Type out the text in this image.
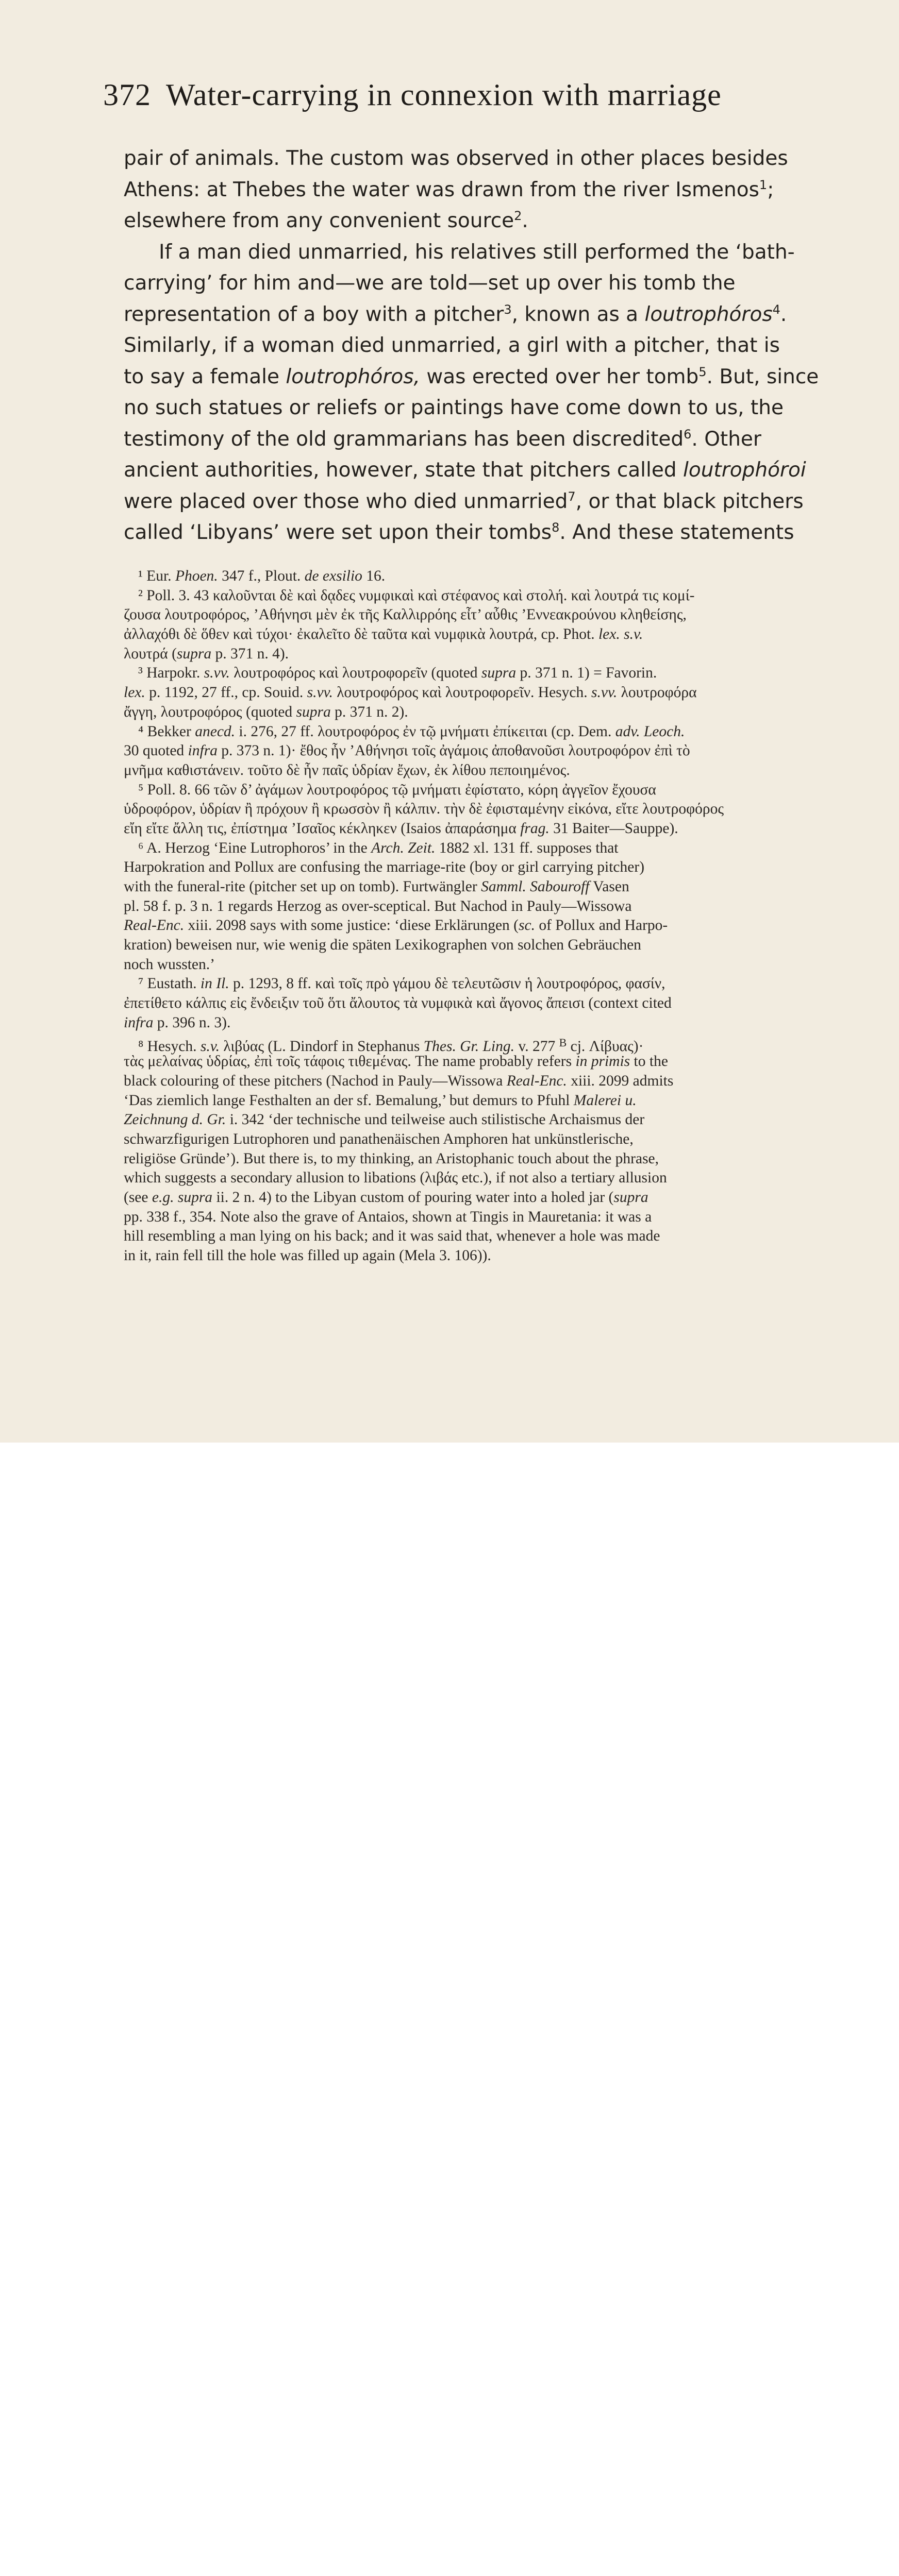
372 Water-carrying in connexion with marriage
pair of animals. The custom was observed in other places besides
Athens: at Thebes the water was drawn from the river Ismenos$^1$;
elsewhere from any convenient source$^2$.
If a man died unmarried, his relatives still performed the ‘bath-
carrying’ for him and—we are told—set up over his tomb the
representation of a boy with a pitcher$^3$, known as a loutrophóros$^4$.
Similarly, if a woman died unmarried, a girl with a pitcher, that is
to say a female loutrophóros, was erected over her tomb$^5$. But, since
no such statues or reliefs or paintings have come down to us, the
testimony of the old grammarians has been discredited$^6$. Other
ancient authorities, however, state that pitchers called loutrophóroi
were placed over those who died unmarried$^7$, or that black pitchers
called ‘Libyans’ were set upon their tombs$^8$. And these statements
¹ Eur. Phoen. 347 f., Plout. de exsilio 16.
² Poll. 3. 43 καλοῦνται δὲ καὶ δᾳδες νυμφικαὶ καὶ στέφανος καὶ στολή. καὶ λουτρά τις κομί-
ζουσα λουτροφόρος, ’Αθήνησι μὲν ἐκ τῆς Καλλιρρόης εἶτ’ αὖθις ’Εννεακρούνου κληθείσης,
ἀλλαχόθι δὲ ὅθεν καὶ τύχοι· ἐκαλεῖτο δὲ ταῦτα καὶ νυμφικὰ λουτρά, cp. Phot. lex. s.v.
λουτρά (supra p. 371 n. 4).
³ Harpokr. s.vv. λουτροφόρος καὶ λουτροφορεῖν (quoted supra p. 371 n. 1) = Favorin.
lex. p. 1192, 27 ff., cp. Souid. s.vv. λουτροφόρος καὶ λουτροφορεῖν. Hesych. s.vv. λουτροφόρα
ἄγγη, λουτροφόρος (quoted supra p. 371 n. 2).
⁴ Bekker anecd. i. 276, 27 ff. λουτροφόρος ἐν τῷ μνήματι ἐπίκειται (cp. Dem. adv. Leoch.
30 quoted infra p. 373 n. 1)· ἔθος ἦν ’Αθήνησι τοῖς ἀγάμοις ἀποθανοῦσι λουτροφόρον ἐπὶ τὸ
μνῆμα καθιστάνειν. τοῦτο δὲ ἦν παῖς ὑδρίαν ἔχων, ἐκ λίθου πεποιημένος.
⁵ Poll. 8. 66 τῶν δ’ ἀγάμων λουτροφόρος τῷ μνήματι ἐφίστατο, κόρη ἀγγεῖον ἔχουσα
ὑδροφόρον, ὑδρίαν ἢ πρόχουν ἢ κρωσσὸν ἢ κάλπιν. τὴν δὲ ἐφισταμένην εἰκόνα, εἴτε λουτροφόρος
εἴη εἴτε ἄλλη τις, ἐπίστημα ’Ισαῖος κέκληκεν (Isaios ἀπαράσημα frag. 31 Baiter—Sauppe).
⁶ A. Herzog ‘Eine Lutrophoros’ in the Arch. Zeit. 1882 xl. 131 ff. supposes that
Harpokration and Pollux are confusing the marriage-rite (boy or girl carrying pitcher)
with the funeral-rite (pitcher set up on tomb). Furtwängler Samml. Sabouroff Vasen
pl. 58 f. p. 3 n. 1 regards Herzog as over-sceptical. But Nachod in Pauly—Wissowa
Real-Enc. xiii. 2098 says with some justice: ‘diese Erklärungen (sc. of Pollux and Harpo-
kration) beweisen nur, wie wenig die späten Lexikographen von solchen Gebräuchen
noch wussten.’
⁷ Eustath. in Il. p. 1293, 8 ff. καὶ τοῖς πρὸ γάμου δὲ τελευτῶσιν ἡ λουτροφόρος, φασίν,
ἐπετίθετο κάλπις εἰς ἔνδειξιν τοῦ ὅτι ἄλουτος τὰ νυμφικὰ καὶ ἄγονος ἄπεισι (context cited
infra p. 396 n. 3).
⁸ Hesych. s.v. λιβύας (L. Dindorf in Stephanus Thes. Gr. Ling. v. 277 $^B$ cj. Λίβυας)·
τὰς μελαίνας ὑδρίας, ἐπὶ τοῖς τάφοις τιθεμένας. The name probably refers in primis to the
black colouring of these pitchers (Nachod in Pauly—Wissowa Real-Enc. xiii. 2099 admits
‘Das ziemlich lange Festhalten an der sf. Bemalung,’ but demurs to Pfuhl Malerei u.
Zeichnung d. Gr. i. 342 ‘der technische und teilweise auch stilistische Archaismus der
schwarzfigurigen Lutrophoren und panathenäischen Amphoren hat unkünstlerische,
religiöse Gründe’). But there is, to my thinking, an Aristophanic touch about the phrase,
which suggests a secondary allusion to libations (λιβάς etc.), if not also a tertiary allusion
(see e.g. supra ii. 2 n. 4) to the Libyan custom of pouring water into a holed jar (supra
pp. 338 f., 354. Note also the grave of Antaios, shown at Tingis in Mauretania: it was a
hill resembling a man lying on his back; and it was said that, whenever a hole was made
in it, rain fell till the hole was filled up again (Mela 3. 106)).
